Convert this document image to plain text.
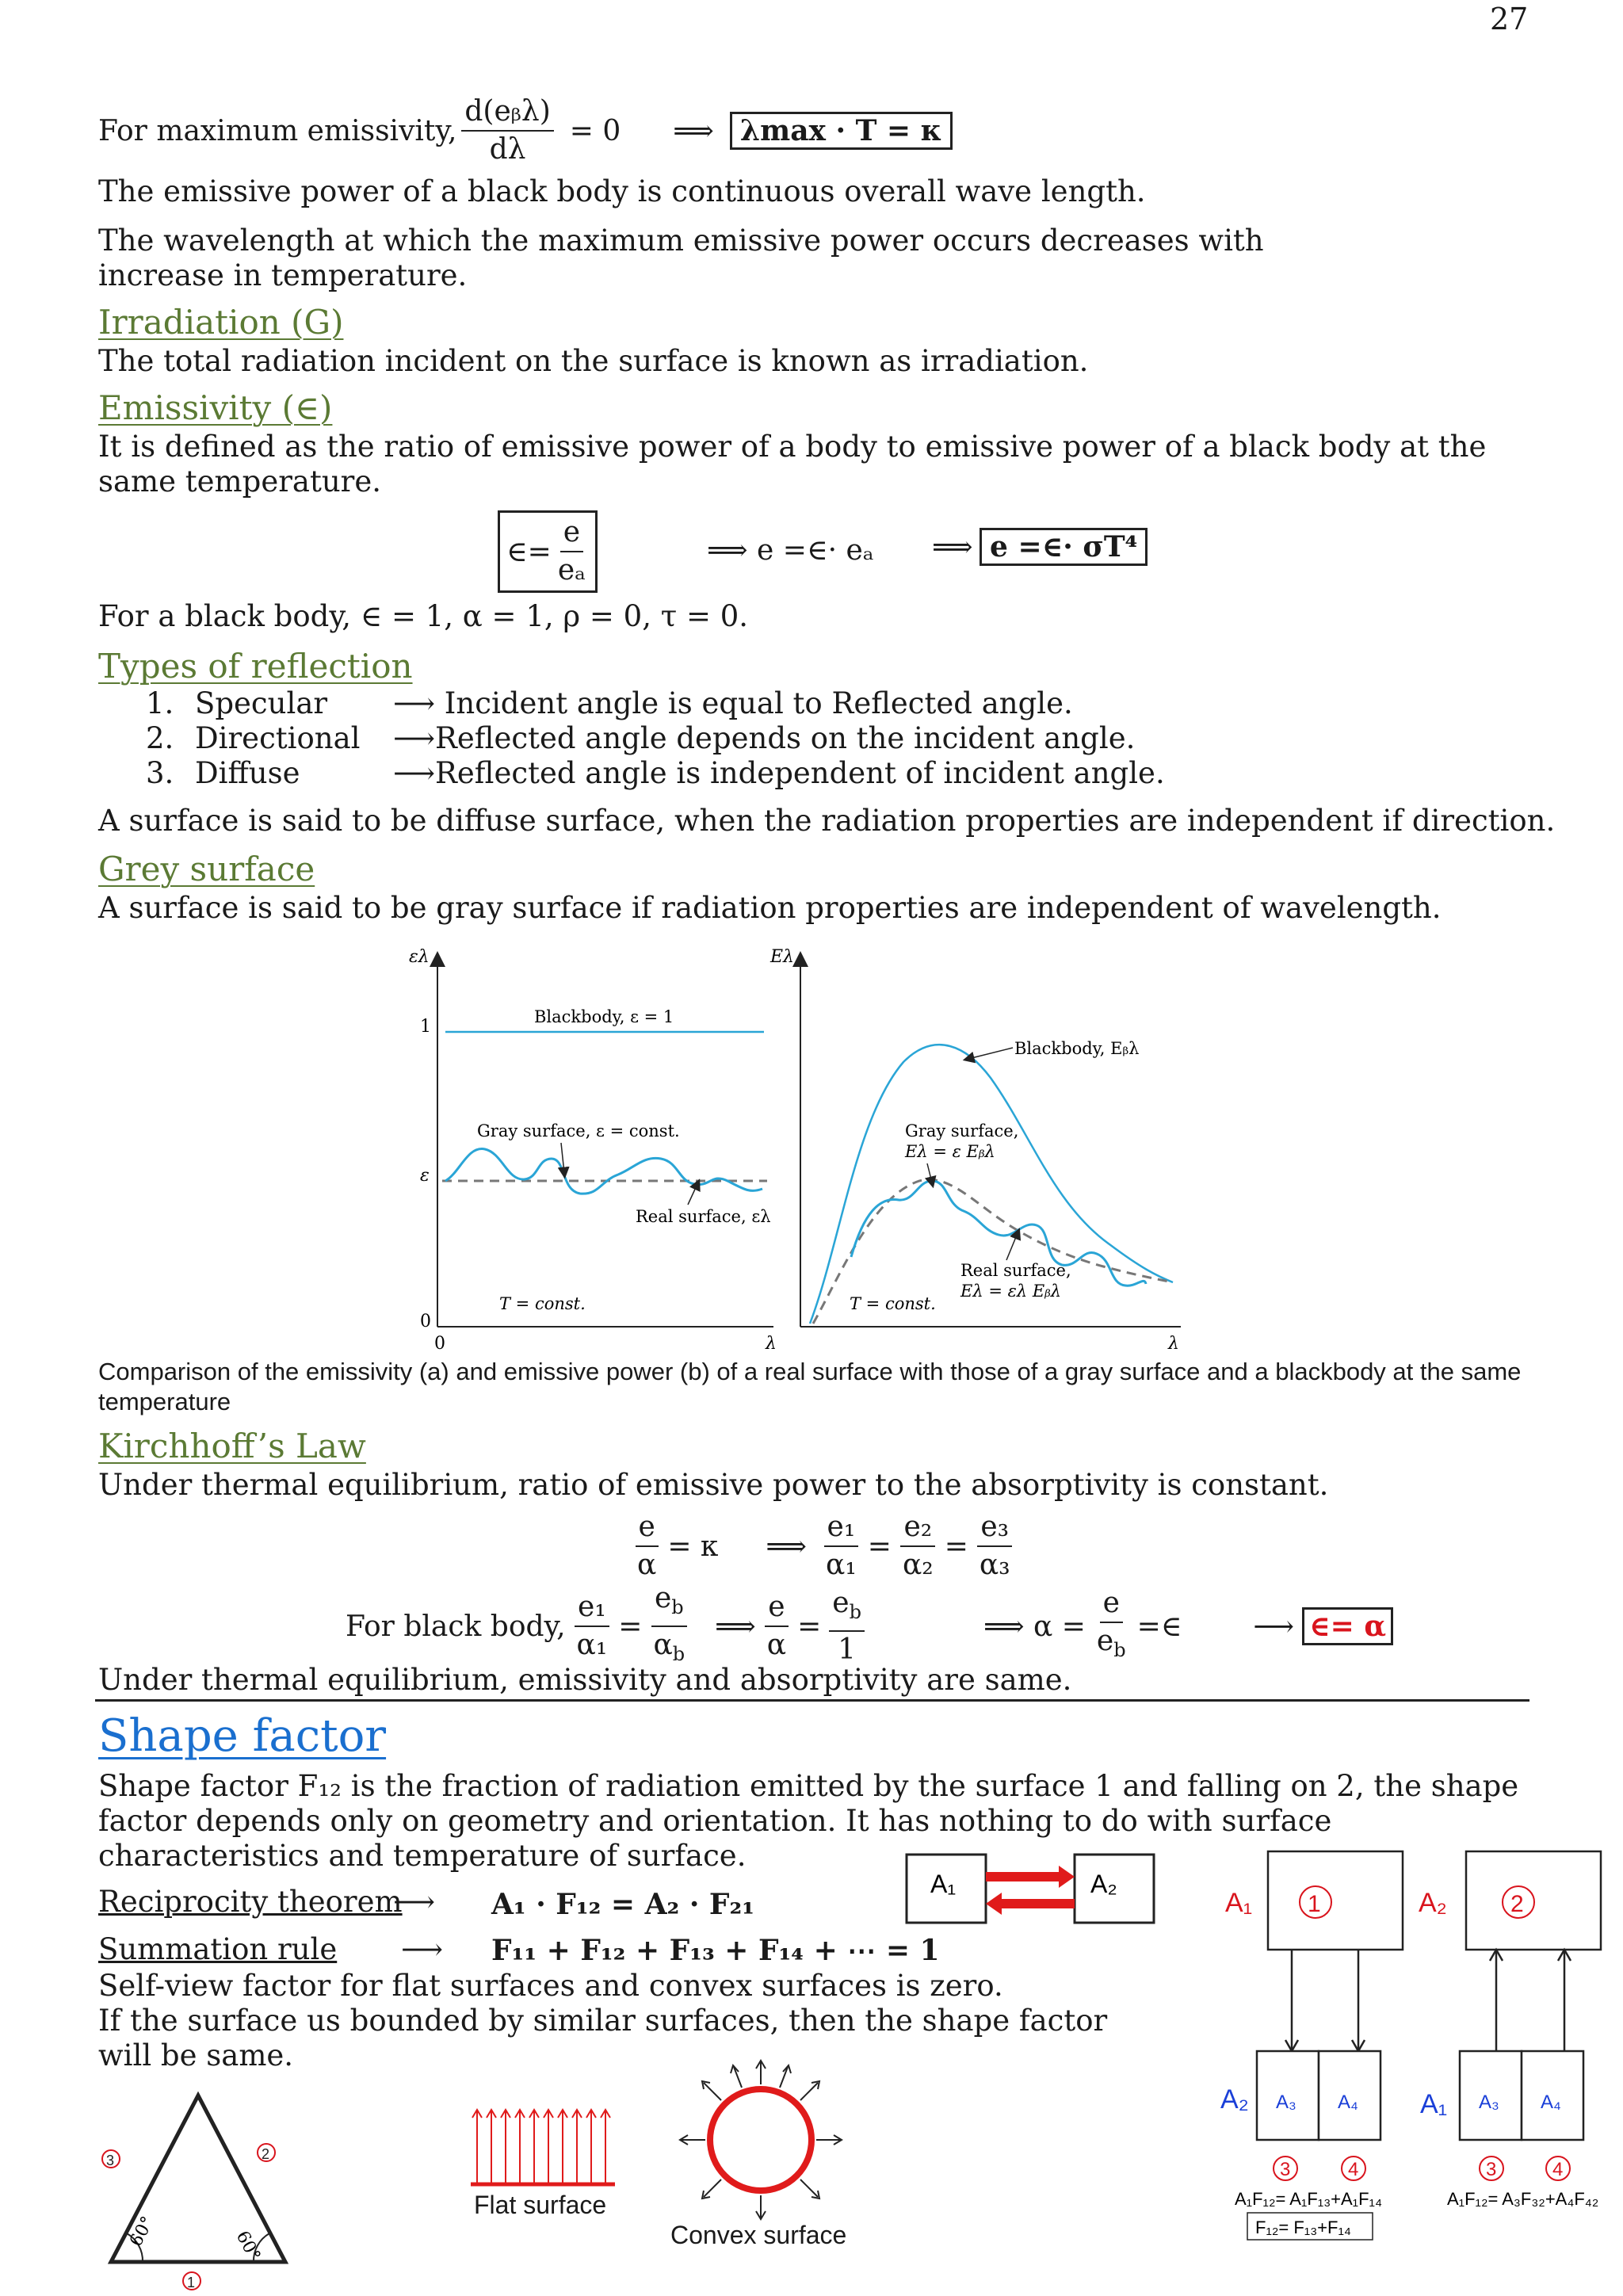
27
For maximum emissivity, $\frac{\text{d(eᵦλ)}}{d\lambda} = 0$ ⟹ λmax · T = κ
The emissive power of a black body is continuous overall wave length.
The wavelength at which the maximum emissive power occurs decreases with increase in temperature.
Irradiation (G)
The total radiation incident on the surface is known as irradiation.
Emissivity (∈)
It is defined as the ratio of emissive power of a body to emissive power of a black body at the same temperature.
∈= $\frac{e}{\text{eₐ}}$	⟹ e =∈· eₐ ⟹ e =∈· σT⁴
For a black body, ∈ = 1, α = 1, ρ = 0, τ = 0.
Types of reflection
1. Specular	⟶ Incident angle is equal to Reflected angle.
2. Directional	⟶Reflected angle depends on the incident angle.
3. Diffuse	⟶Reflected angle is independent of incident angle.
A surface is said to be diffuse surface, when the radiation properties are independent if direction.
Grey surface
A surface is said to be gray surface if radiation properties are independent of wavelength.
ελ
1
ε
0
0	λ
Blackbody, ε = 1
Gray surface, ε = const.
Real surface, ελ
T = const.
Eλ
λ
Blackbody, Eᵦλ
Gray surface,
Eλ = ε Eᵦλ
Real surface,
Eλ = ελ Eᵦλ
T = const.
Comparison of the emissivity (a) and emissive power (b) of a real surface with those of a gray surface and a blackbody at the same temperature
Kirchhoff’s Law
Under thermal equilibrium, ratio of emissive power to the absorptivity is constant.
$\frac{e}{\alpha} = \kappa$ ⟹ $\frac{\text{e₁}}{\text{α₁}} = \frac{\text{e₂}}{\text{α₂}} = \frac{\text{e₃}}{\text{α₃}}$
For black body, $\frac{\text{e₁}}{\text{α₁}} = \frac{e_b}{\alpha_b}$ ⟹ $\frac{e}{\alpha} = \frac{e_b}{1}$	⟹ $\alpha = \frac{e}{e_b}$ =∈	⟶ ∈= α
Under thermal equilibrium, emissivity and absorptivity are same.
Shape factor
Shape factor F₁₂ is the fraction of radiation emitted by the surface 1 and falling on 2, the shape factor depends only on geometry and orientation. It has nothing to do with surface characteristics and temperature of surface.
Reciprocity theorem
⟶ A₁ · F₁₂ = A₂ · F₂₁
Summation rule ⟶ F₁₁ + F₁₂ + F₁₃ + F₁₄ + ⋯ = 1
Self-view factor for flat surfaces and convex surfaces is zero.
If the surface us bounded by similar surfaces, then the shape factor will be same.
A₁	A₂
A₁ 1
A₂ A₃ A₄
3	4
A₁F₁₂= A₁F₁₃+A₁F₁₄
F₁₂= F₁₃+F₁₄
A₂	2
A₁ A₃ A₄
3	4
A₁F₁₂= A₃F₃₂+A₄F₄₂
60°	60°
3	2
1
Flat surface
Convex surface
